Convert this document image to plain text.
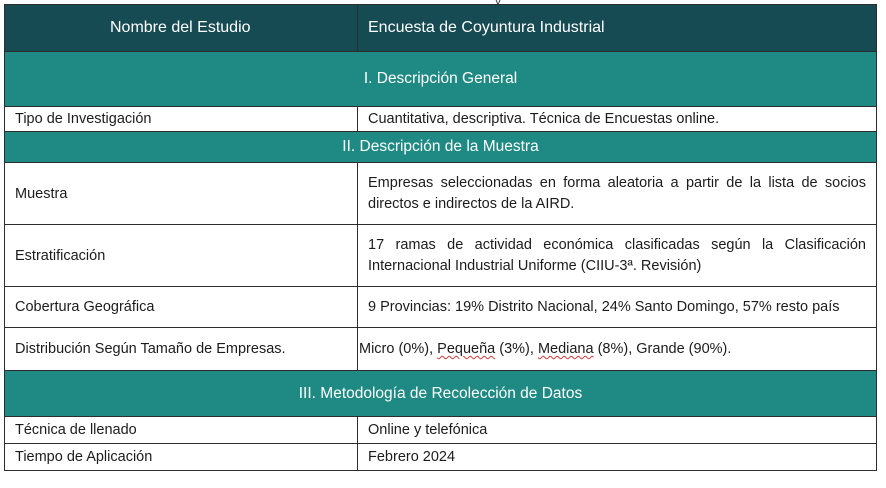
Nombre del Estudio	Encuesta de Coyuntura Industrial
I. Descripción General	
Tipo de Investigación	Cuantitativa, descriptiva. Técnica de Encuestas online.
II. Descripción de la Muestra	
Muestra	Empresas seleccionadas en forma aleatoria a partir de la lista de socios directos e indirectos de la AIRD.
Estratificación	17 ramas de actividad económica clasificadas según la Clasificación Internacional Industrial Uniforme (CIIU-3ª. Revisión)
Cobertura Geográfica	9 Provincias: 19% Distrito Nacional, 24% Santo Domingo, 57% resto país
Distribución Según Tamaño de Empresas.	Micro (0%), Pequeña (3%), Mediana (8%), Grande (90%).
III. Metodología de Recolección de Datos	
Técnica de llenado	Online y telefónica
Tiempo de Aplicación	Febrero 2024
